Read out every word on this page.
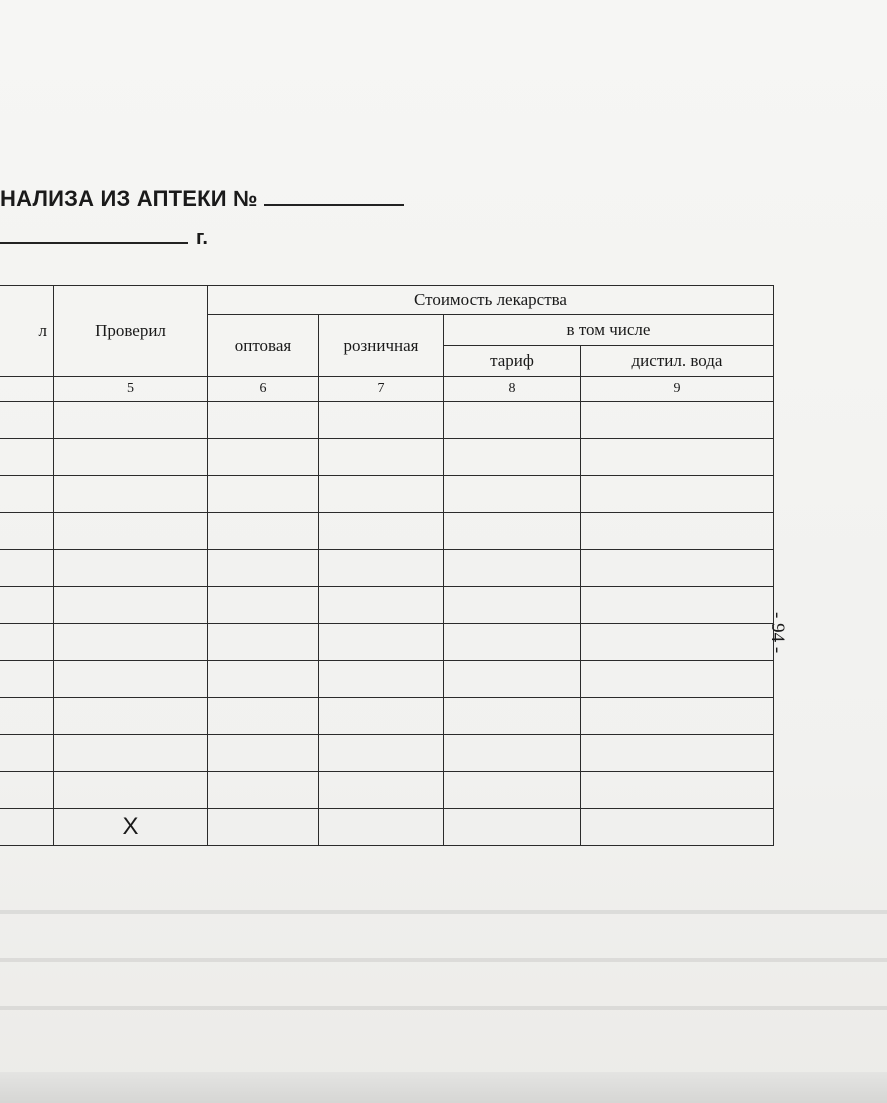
НАЛИЗА ИЗ АПТЕКИ №
г.
л	Проверил	Стоимость лекарства			
		оптовая	розничная	в том числе	
				тариф	дистил. вода
	5	6	7	8	9

	Х				
- 94 -
